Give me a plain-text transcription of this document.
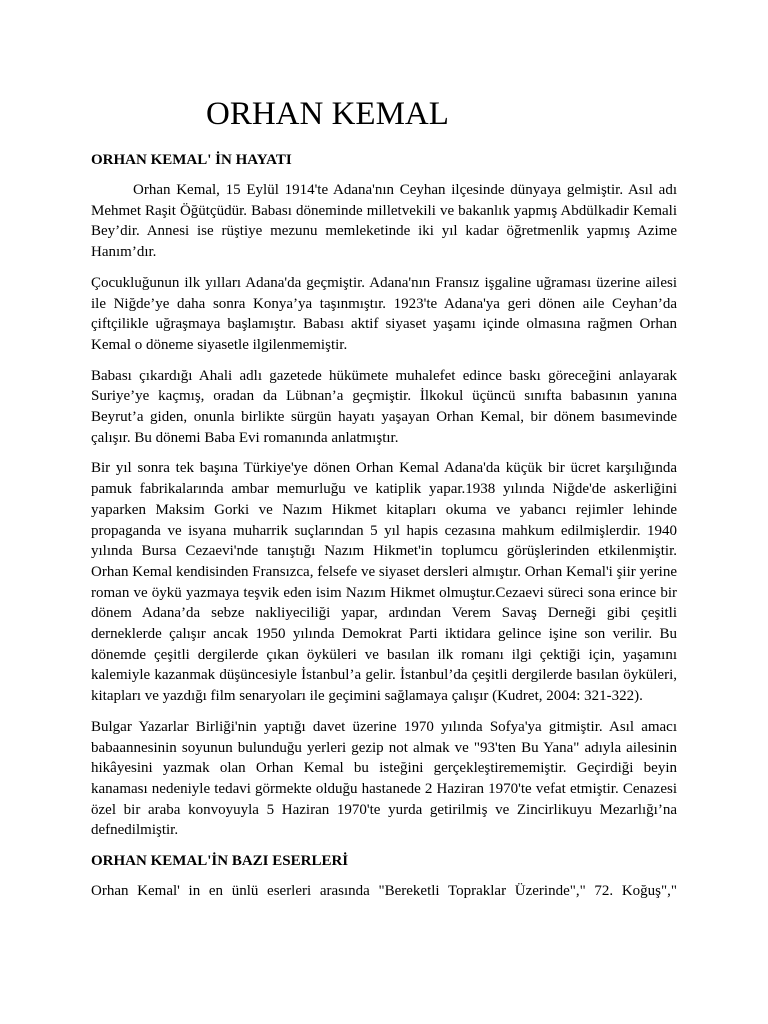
ORHAN KEMAL
ORHAN KEMAL' İN HAYATI

Orhan Kemal, 15 Eylül 1914'te Adana'nın Ceyhan ilçesinde dünyaya gelmiştir. Asıl adı Mehmet Raşit Öğütçüdür. Babası döneminde milletvekili ve bakanlık yapmış Abdülkadir Kemali Bey’dir. Annesi ise rüştiye mezunu memleketinde iki yıl kadar öğretmenlik yapmış Azime Hanım’dır.

Çocukluğunun ilk yılları Adana'da geçmiştir. Adana'nın Fransız işgaline uğraması üzerine ailesi ile Niğde’ye daha sonra Konya’ya taşınmıştır. 1923'te Adana'ya geri dönen aile Ceyhan’da çiftçilikle uğraşmaya başlamıştır. Babası aktif siyaset yaşamı içinde olmasına rağmen Orhan Kemal o döneme siyasetle ilgilenmemiştir.

Babası çıkardığı Ahali adlı gazetede hükümete muhalefet edince baskı göreceğini anlayarak Suriye’ye kaçmış, oradan da Lübnan’a geçmiştir. İlkokul üçüncü sınıfta babasının yanına Beyrut’a giden, onunla birlikte sürgün hayatı yaşayan Orhan Kemal, bir dönem basımevinde çalışır. Bu dönemi Baba Evi romanında anlatmıştır.

Bir yıl sonra tek başına Türkiye'ye dönen Orhan Kemal Adana'da küçük bir ücret karşılığında pamuk fabrikalarında ambar memurluğu ve katiplik yapar.1938 yılında Niğde'de askerliğini yaparken Maksim Gorki ve Nazım Hikmet kitapları okuma ve yabancı rejimler lehinde propaganda ve isyana muharrik suçlarından 5 yıl hapis cezasına mahkum edilmişlerdir. 1940 yılında Bursa Cezaevi'nde tanıştığı Nazım Hikmet'in toplumcu görüşlerinden etkilenmiştir. Orhan Kemal kendisinden Fransızca, felsefe ve siyaset dersleri almıştır. Orhan Kemal'i şiir yerine roman ve öykü yazmaya teşvik eden isim Nazım Hikmet olmuştur.Cezaevi süreci sona erince bir dönem Adana’da sebze nakliyeciliği yapar, ardından Verem Savaş Derneği gibi çeşitli derneklerde çalışır ancak 1950 yılında Demokrat Parti iktidara gelince işine son verilir. Bu dönemde çeşitli dergilerde çıkan öyküleri ve basılan ilk romanı ilgi çektiği için, yaşamını kalemiyle kazanmak düşüncesiyle İstanbul’a gelir. İstanbul’da çeşitli dergilerde basılan öyküleri, kitapları ve yazdığı film senaryoları ile geçimini sağlamaya çalışır (Kudret, 2004: 321-322).

Bulgar Yazarlar Birliği'nin yaptığı davet üzerine 1970 yılında Sofya'ya gitmiştir. Asıl amacı babaannesinin soyunun bulunduğu yerleri gezip not almak ve "93'ten Bu Yana" adıyla ailesinin hikâyesini yazmak olan Orhan Kemal bu isteğini gerçekleştirememiştir. Geçirdiği beyin kanaması nedeniyle tedavi görmekte olduğu hastanede 2 Haziran 1970'te vefat etmiştir. Cenazesi özel bir araba konvoyuyla 5 Haziran 1970'te yurda getirilmiş ve Zincirlikuyu Mezarlığı’na defnedilmiştir.

ORHAN KEMAL'İN BAZI ESERLERİ

Orhan Kemal' in en ünlü eserleri arasında "Bereketli Topraklar Üzerinde"," 72. Koğuş","
